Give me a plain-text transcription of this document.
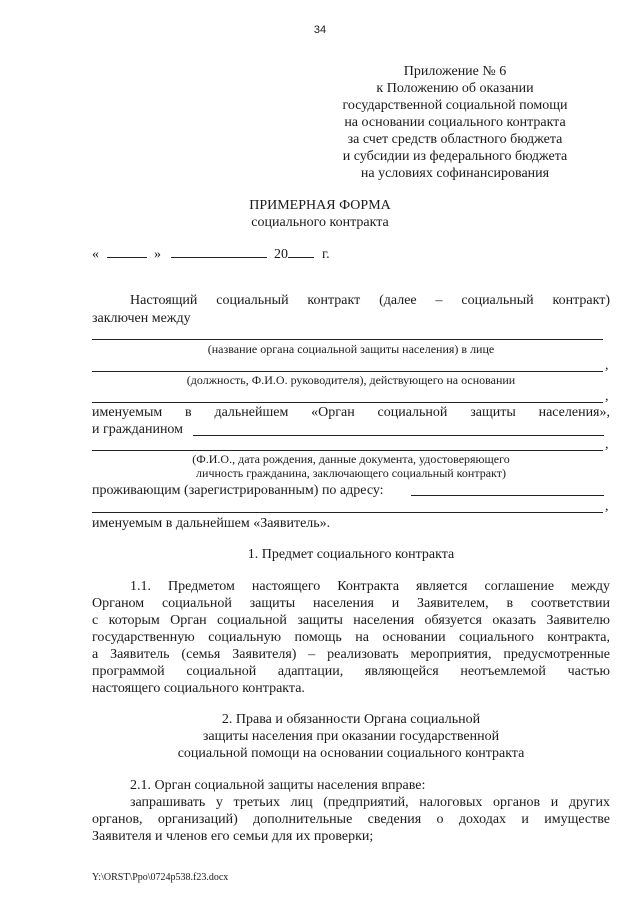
34
Приложение № 6
к Положению об оказании
государственной социальной помощи
на основании социального контракта
за счет средств областного бюджета
и субсидии из федерального бюджета
на условиях софинансирования
ПРИМЕРНАЯ ФОРМА
социального контракта
«	»	20 г.
Настоящий социальный контракт (далее – социальный контракт)
заключен между
(название органа социальной защиты населения) в лице
,
(должность, Ф.И.О. руководителя), действующего на основании
,
именуемым в дальнейшем «Орган социальной защиты населения»,
и гражданином
,
(Ф.И.О., дата рождения, данные документа, удостоверяющего
личность гражданина, заключающего социальный контракт)
проживающим (зарегистрированным) по адресу:
,
именуемым в дальнейшем «Заявитель».
1. Предмет социального контракта
1.1. Предметом настоящего Контракта является соглашение между
Органом социальной защиты населения и Заявителем, в соответствии
с которым Орган социальной защиты населения обязуется оказать Заявителю
государственную социальную помощь на основании социального контракта,
а Заявитель (семья Заявителя) – реализовать мероприятия, предусмотренные
программой социальной адаптации, являющейся неотъемлемой частью
настоящего социального контракта.
2. Права и обязанности Органа социальной
защиты населения при оказании государственной
социальной помощи на основании социального контракта
2.1. Орган социальной защиты населения вправе:
запрашивать у третьих лиц (предприятий, налоговых органов и других
органов, организаций) дополнительные сведения о доходах и имуществе
Заявителя и членов его семьи для их проверки;
Y:\ORST\Ppo\0724p538.f23.docx
